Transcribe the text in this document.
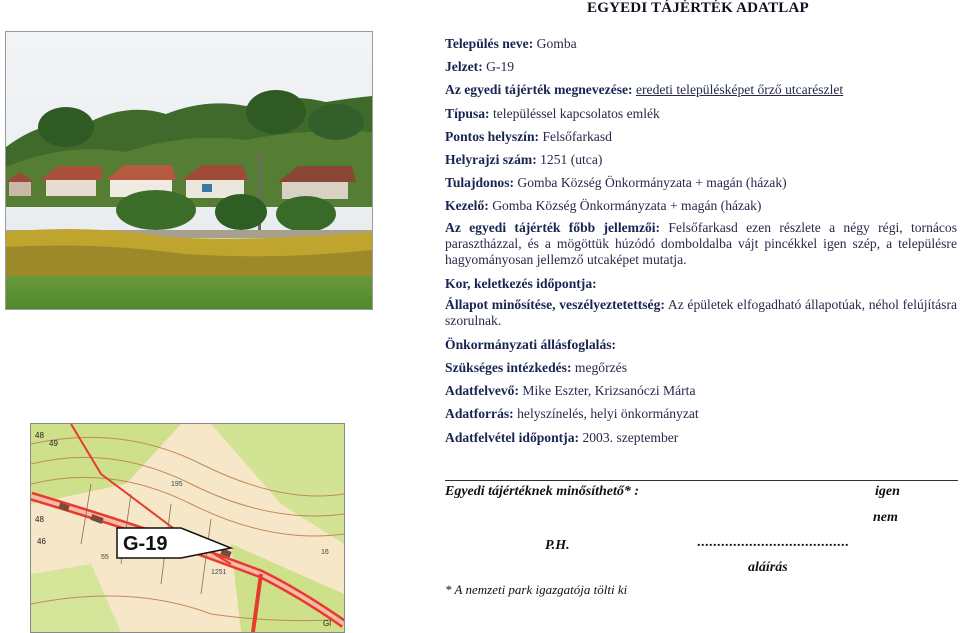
EGYEDI TÁJÉRTÉK ADATLAP
48
49
195
48
46
1251
55
Gl
16
G-19
Település neve: Gomba
Jelzet: G-19
Az egyedi tájérték megnevezése: eredeti településképet őrző utcarészlet
Típusa: településsel kapcsolatos emlék
Pontos helyszín: Felsőfarkasd
Helyrajzi szám: 1251 (utca)
Tulajdonos: Gomba Község Önkormányzata + magán (házak)
Kezelő: Gomba Község Önkormányzata + magán (házak)
Az egyedi tájérték főbb jellemzői: Felsőfarkasd ezen részlete a négy régi, tornácos parasztházzal, és a mögöttük húzódó domboldalba vájt pincékkel igen szép, a településre hagyományosan jellemző utcaképet mutatja.
Kor, keletkezés időpontja:
Állapot minősítése, veszélyeztetettség: Az épületek elfogadható állapotúak, néhol felújításra szorulnak.
Önkormányzati állásfoglalás:
Szükséges intézkedés: megőrzés
Adatfelvevő: Mike Eszter, Krizsanóczi Márta
Adatforrás: helyszínelés, helyi önkormányzat
Adatfelvétel időpontja: 2003. szeptember
Egyedi tájértéknek minősíthető* :	igen
nem
P.H.	......................................
aláírás
* A nemzeti park igazgatója tölti ki
